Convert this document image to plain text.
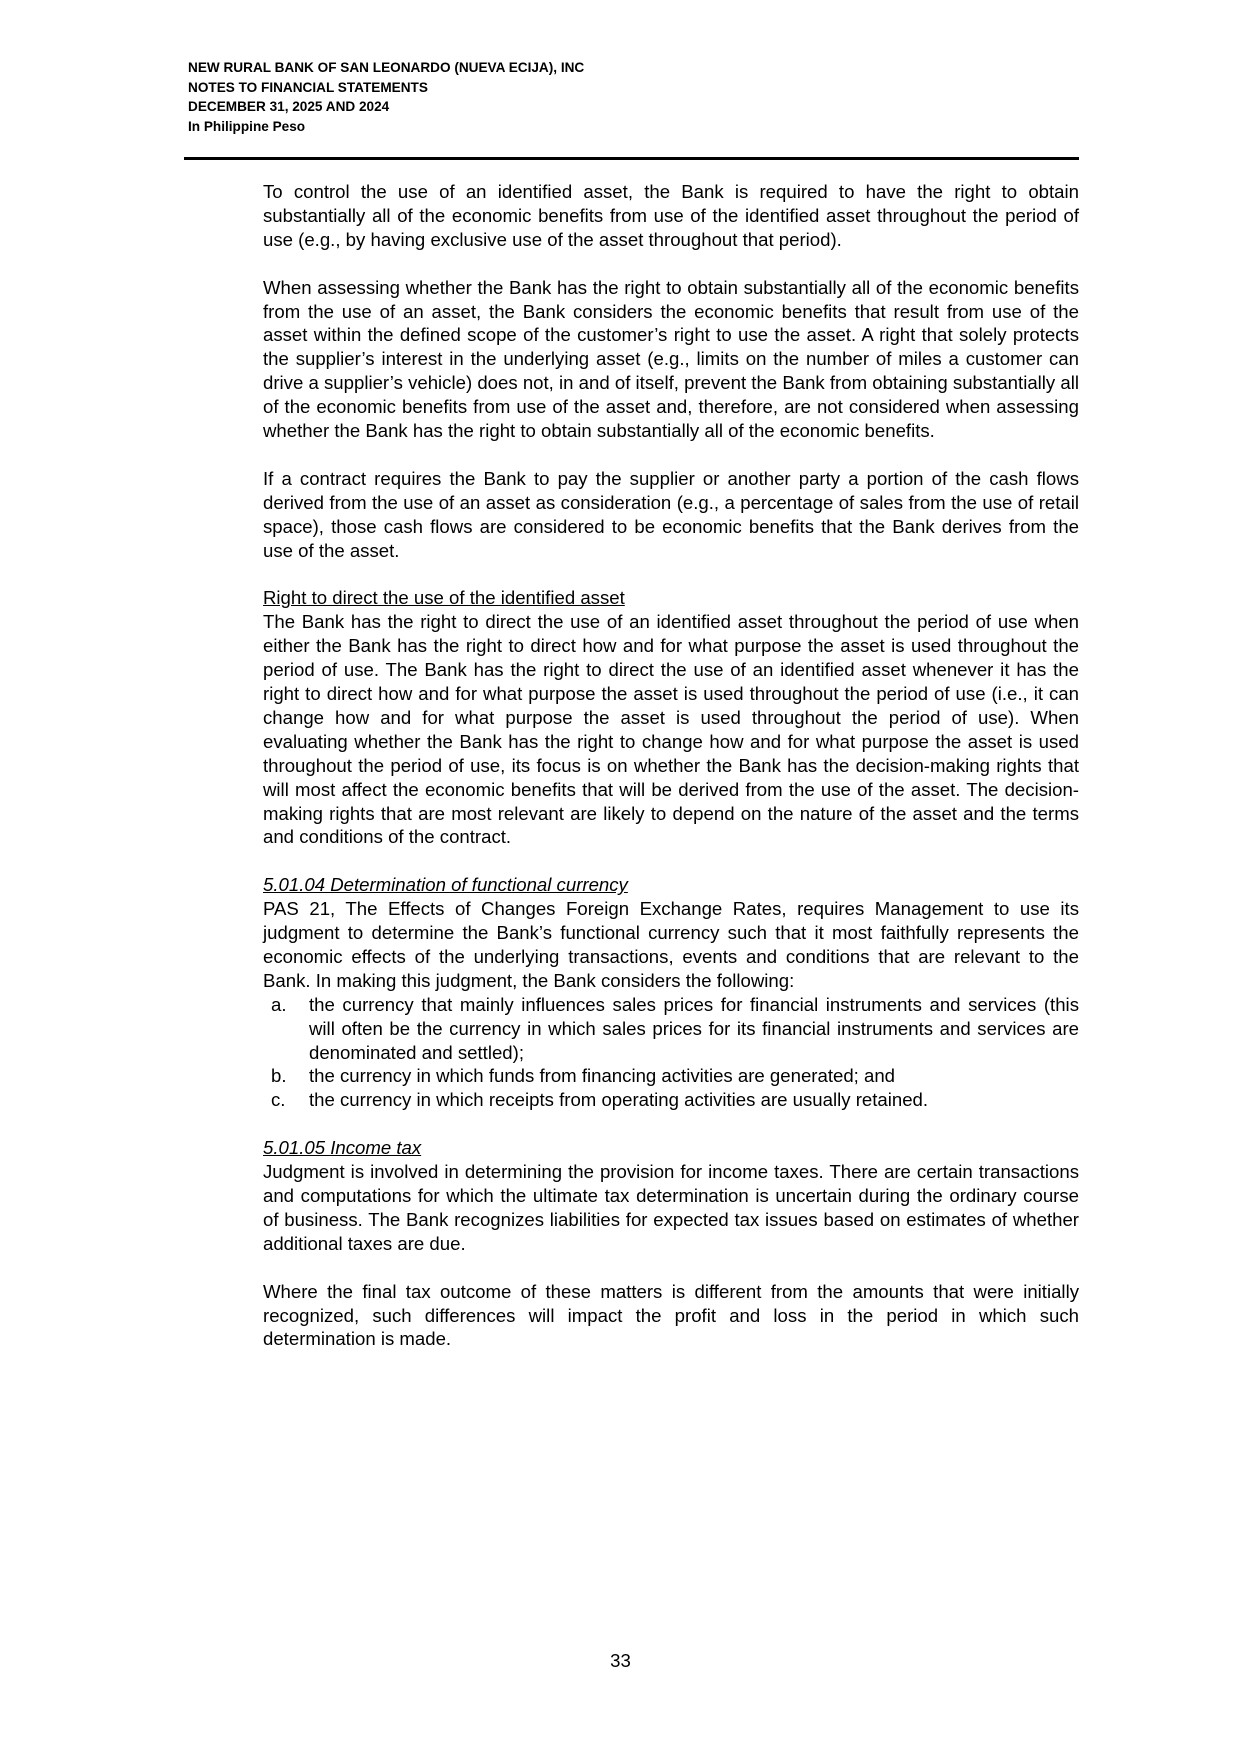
NEW RURAL BANK OF SAN LEONARDO (NUEVA ECIJA), INC
NOTES TO FINANCIAL STATEMENTS
DECEMBER 31, 2025 AND 2024
In Philippine Peso

To control the use of an identified asset, the Bank is required to have the right to obtain substantially all of the economic benefits from use of the identified asset throughout the period of use (e.g., by having exclusive use of the asset throughout that period).

When assessing whether the Bank has the right to obtain substantially all of the economic benefits from the use of an asset, the Bank considers the economic benefits that result from use of the asset within the defined scope of the customer’s right to use the asset. A right that solely protects the supplier’s interest in the underlying asset (e.g., limits on the number of miles a customer can drive a supplier’s vehicle) does not, in and of itself, prevent the Bank from obtaining substantially all of the economic benefits from use of the asset and, therefore, are not considered when assessing whether the Bank has the right to obtain substantially all of the economic benefits.

If a contract requires the Bank to pay the supplier or another party a portion of the cash flows derived from the use of an asset as consideration (e.g., a percentage of sales from the use of retail space), those cash flows are considered to be economic benefits that the Bank derives from the use of the asset.

Right to direct the use of the identified asset

The Bank has the right to direct the use of an identified asset throughout the period of use when either the Bank has the right to direct how and for what purpose the asset is used throughout the period of use. The Bank has the right to direct the use of an identified asset whenever it has the right to direct how and for what purpose the asset is used throughout the period of use (i.e., it can change how and for what purpose the asset is used throughout the period of use). When evaluating whether the Bank has the right to change how and for what purpose the asset is used throughout the period of use, its focus is on whether the Bank has the decision-making rights that will most affect the economic benefits that will be derived from the use of the asset. The decision-making rights that are most relevant are likely to depend on the nature of the asset and the terms and conditions of the contract.

5.01.04 Determination of functional currency

PAS 21, The Effects of Changes Foreign Exchange Rates, requires Management to use its judgment to determine the Bank’s functional currency such that it most faithfully represents the economic effects of the underlying transactions, events and conditions that are relevant to the Bank. In making this judgment, the Bank considers the following:

a.	the currency that mainly influences sales prices for financial instruments and services (this will often be the currency in which sales prices for its financial instruments and services are denominated and settled);
b.	the currency in which funds from financing activities are generated; and
c.	the currency in which receipts from operating activities are usually retained.

5.01.05 Income tax

Judgment is involved in determining the provision for income taxes. There are certain transactions and computations for which the ultimate tax determination is uncertain during the ordinary course of business. The Bank recognizes liabilities for expected tax issues based on estimates of whether additional taxes are due.

Where the final tax outcome of these matters is different from the amounts that were initially recognized, such differences will impact the profit and loss in the period in which such determination is made.

33
